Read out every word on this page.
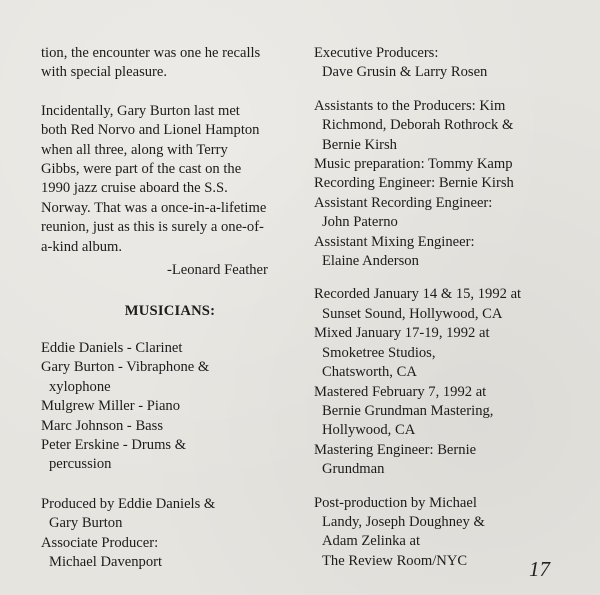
tion, the encounter was one he recalls
with special pleasure.
Incidentally, Gary Burton last met
both Red Norvo and Lionel Hampton
when all three, along with Terry
Gibbs, were part of the cast on the
1990 jazz cruise aboard the S.S.
Norway. That was a once-in-a-lifetime
reunion, just as this is surely a one-of-
a-kind album.
-Leonard Feather
MUSICIANS:
Eddie Daniels - Clarinet
Gary Burton - Vibraphone &
xylophone
Mulgrew Miller - Piano
Marc Johnson - Bass
Peter Erskine - Drums &
percussion
Produced by Eddie Daniels &
Gary Burton
Associate Producer:
Michael Davenport
Executive Producers:
Dave Grusin & Larry Rosen
Assistants to the Producers: Kim
Richmond, Deborah Rothrock &
Bernie Kirsh
Music preparation: Tommy Kamp
Recording Engineer: Bernie Kirsh
Assistant Recording Engineer:
John Paterno
Assistant Mixing Engineer:
Elaine Anderson
Recorded January 14 & 15, 1992 at
Sunset Sound, Hollywood, CA
Mixed January 17-19, 1992 at
Smoketree Studios,
Chatsworth, CA
Mastered February 7, 1992 at
Bernie Grundman Mastering,
Hollywood, CA
Mastering Engineer: Bernie
Grundman
Post-production by Michael
Landy, Joseph Doughney &
Adam Zelinka at
The Review Room/NYC	17
